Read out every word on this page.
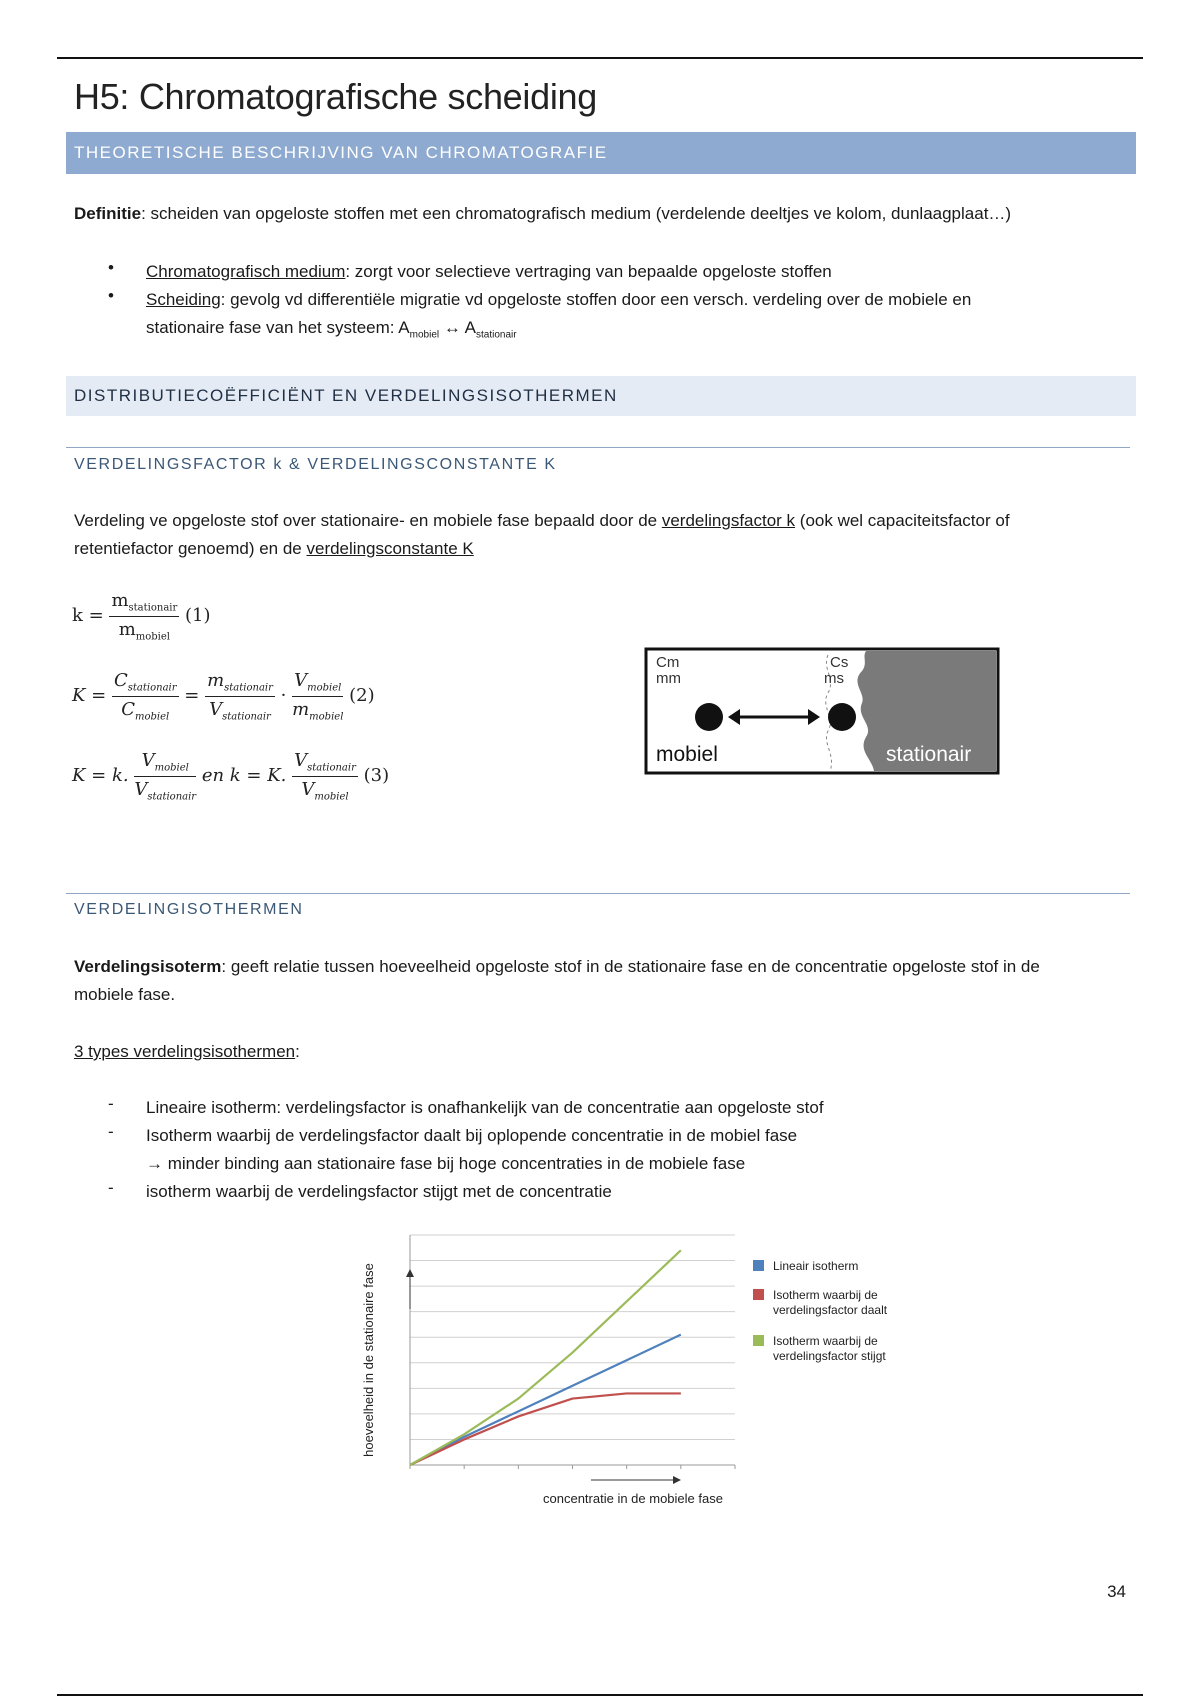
H5: Chromatografische scheiding
THEORETISCHE BESCHRIJVING VAN CHROMATOGRAFIE
Definitie: scheiden van opgeloste stoffen met een chromatografisch medium (verdelende deeltjes ve kolom, dunlaagplaat…)
• Chromatografisch medium: zorgt voor selectieve vertraging van bepaalde opgeloste stoffen
• Scheiding: gevolg vd differentiële migratie vd opgeloste stoffen door een versch. verdeling over de mobiele en
stationaire fase van het systeem: $A_{mobiel}$ ↔ $A_{stationair}$
DISTRIBUTIECOËFFICIËNT EN VERDELINGSISOTHERMEN
VERDELINGSFACTOR k & VERDELINGSCONSTANTE K
Verdeling ve opgeloste stof over stationaire- en mobiele fase bepaald door de verdelingsfactor k (ook wel capaciteitsfactor of
retentiefactor genoemd) en de verdelingsconstante K
$k = \frac{m_{stationair}}{m_{mobiel}} (1)$
$K = \frac{C_{stationair}}{C_{mobiel}} = \frac{m_{stationair}}{V_{stationair}} \cdot \frac{V_{mobiel}}{m_{mobiel}} (2)$
K = k. $\frac{V_{mobiel}}{V_{stationair}}$ en k = K. $\frac{V_{stationair}}{V_{mobiel}} (3)$
Cm
mm
Cs
ms
mobiel	stationair
VERDELINGISOTHERMEN
Verdelingsisoterm: geeft relatie tussen hoeveelheid opgeloste stof in de stationaire fase en de concentratie opgeloste stof in de
mobiele fase.
3 types verdelingsisothermen:
- Lineaire isotherm: verdelingsfactor is onafhankelijk van de concentratie aan opgeloste stof
- Isotherm waarbij de verdelingsfactor daalt bij oplopende concentratie in de mobiel fase
→ minder binding aan stationaire fase bij hoge concentraties in de mobiele fase
- isotherm waarbij de verdelingsfactor stijgt met de concentratie
hoeveelheid in de stationaire fase
concentratie in de mobiele fase
Lineair isotherm
Isotherm waarbij de
verdelingsfactor daalt
Isotherm waarbij de
verdelingsfactor stijgt
34
